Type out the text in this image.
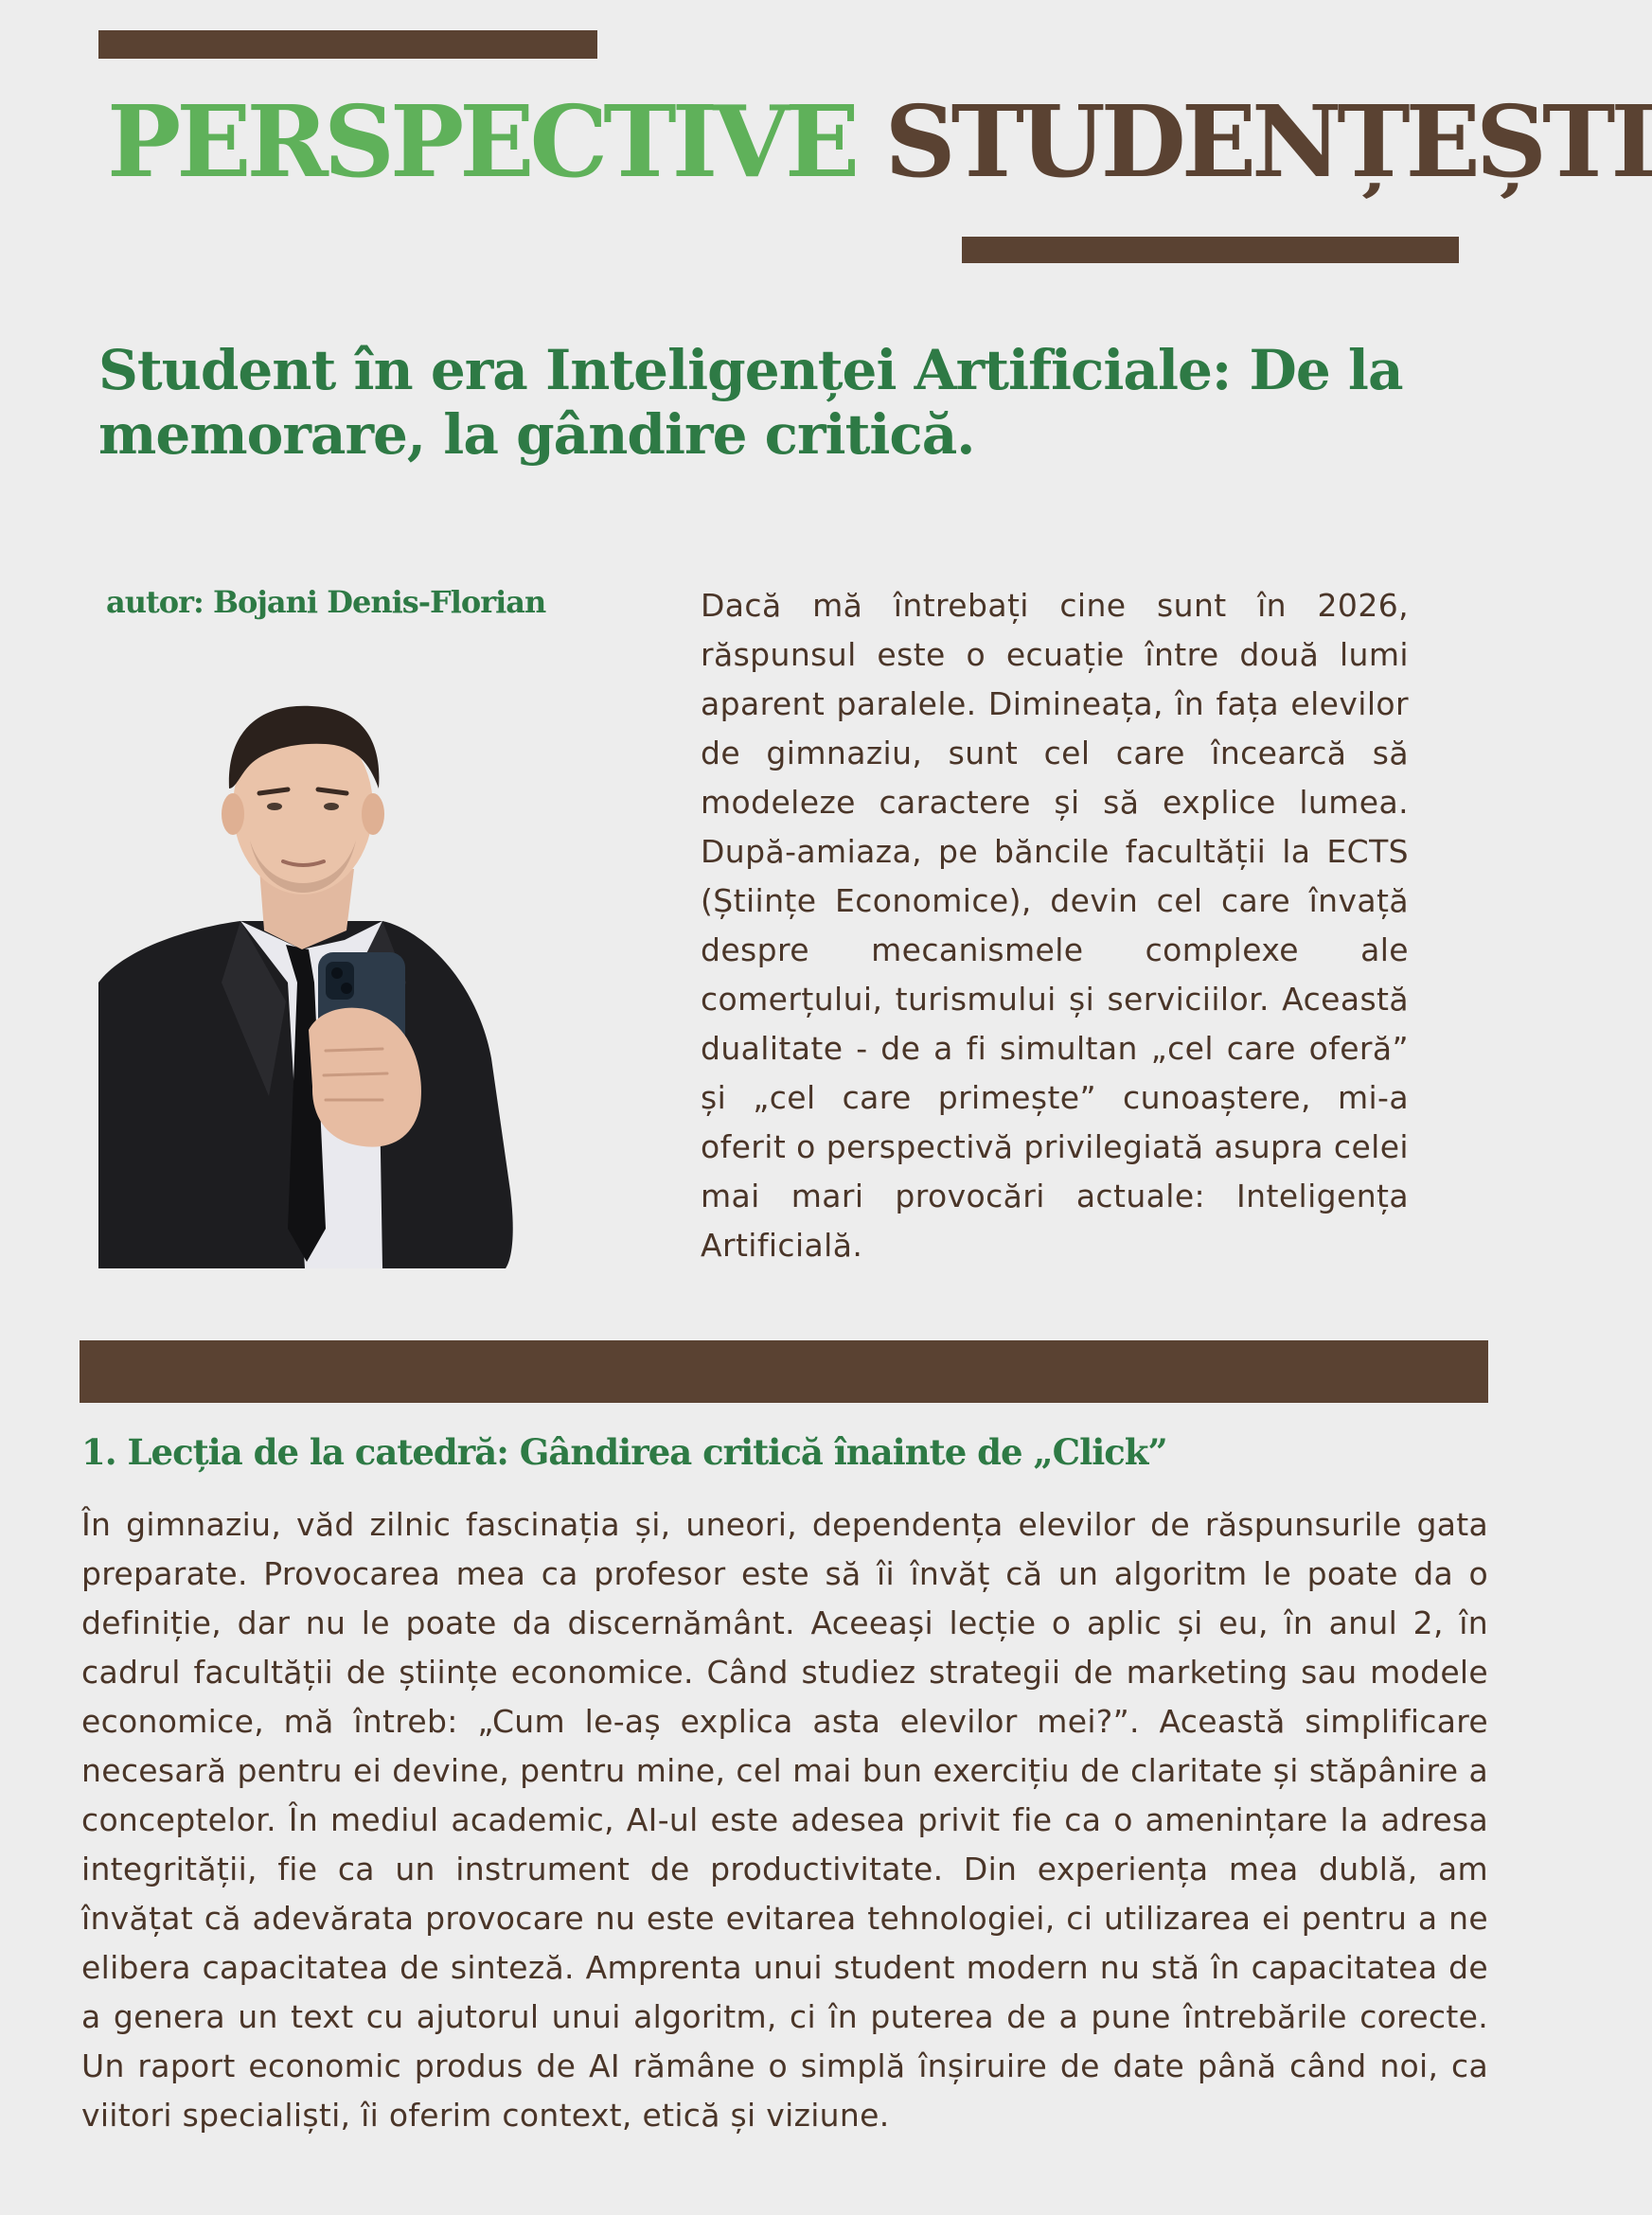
PERSPECTIVE STUDENȚEȘTI
Student în era Inteligenței Artificiale: De la memorare, la gândire critică.

autor: Bojani Denis-Florian	Dacă mă întrebați cine sunt în 2026, răspunsul este o ecuație între două lumi aparent paralele. Dimineața, în fața elevilor de gimnaziu, sunt cel care încearcă să modeleze caractere și să explice lumea. După-amiaza, pe băncile facultății la ECTS (Științe Economice), devin cel care învață despre mecanismele complexe ale comerțului, turismului și serviciilor. Această dualitate - de a fi simultan „cel care oferă” și „cel care primește” cunoaștere, mi-a oferit o perspectivă privilegiată asupra celei mai mari provocări actuale: Inteligența Artificială.

1. Lecția de la catedră: Gândirea critică înainte de „Click”

În gimnaziu, văd zilnic fascinația și, uneori, dependența elevilor de răspunsurile gata preparate. Provocarea mea ca profesor este să îi învăț că un algoritm le poate da o definiție, dar nu le poate da discernământ. Aceeași lecție o aplic și eu, în anul 2, în cadrul facultății de științe economice. Când studiez strategii de marketing sau modele economice, mă întreb: „Cum le-aș explica asta elevilor mei?”. Această simplificare necesară pentru ei devine, pentru mine, cel mai bun exercițiu de claritate și stăpânire a conceptelor. În mediul academic, AI-ul este adesea privit fie ca o amenințare la adresa integrității, fie ca un instrument de productivitate. Din experiența mea dublă, am învățat că adevărata provocare nu este evitarea tehnologiei, ci utilizarea ei pentru a ne elibera capacitatea de sinteză. Amprenta unui student modern nu stă în capacitatea de a genera un text cu ajutorul unui algoritm, ci în puterea de a pune întrebările corecte. Un raport economic produs de AI rămâne o simplă înșiruire de date până când noi, ca viitori specialiști, îi oferim context, etică și viziune.
